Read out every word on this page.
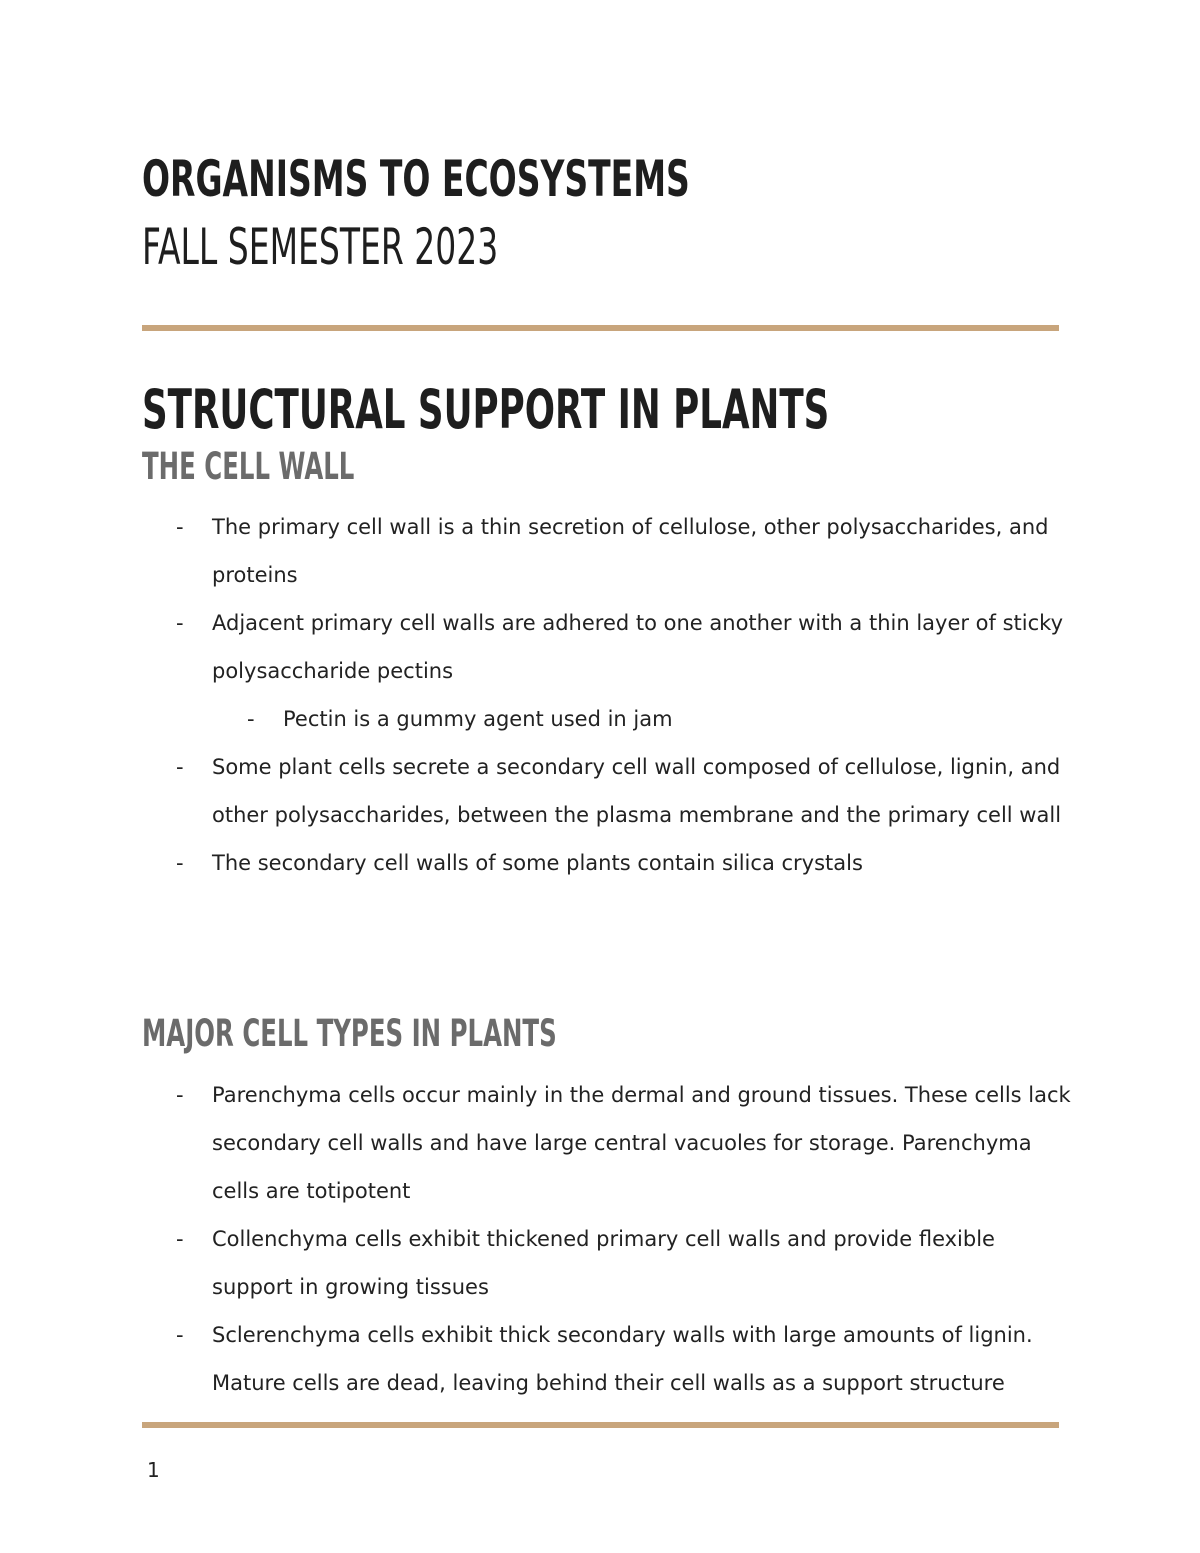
ORGANISMS TO ECOSYSTEMS
FALL SEMESTER 2023
STRUCTURAL SUPPORT IN PLANTS
THE CELL WALL
- The primary cell wall is a thin secretion of cellulose, other polysaccharides, and proteins
- Adjacent primary cell walls are adhered to one another with a thin layer of sticky polysaccharide pectins
- Pectin is a gummy agent used in jam
- Some plant cells secrete a secondary cell wall composed of cellulose, lignin, and other polysaccharides, between the plasma membrane and the primary cell wall
- The secondary cell walls of some plants contain silica crystals
MAJOR CELL TYPES IN PLANTS
- Parenchyma cells occur mainly in the dermal and ground tissues. These cells lack secondary cell walls and have large central vacuoles for storage. Parenchyma cells are totipotent
- Collenchyma cells exhibit thickened primary cell walls and provide flexible support in growing tissues
- Sclerenchyma cells exhibit thick secondary walls with large amounts of lignin. Mature cells are dead, leaving behind their cell walls as a support structure
1
